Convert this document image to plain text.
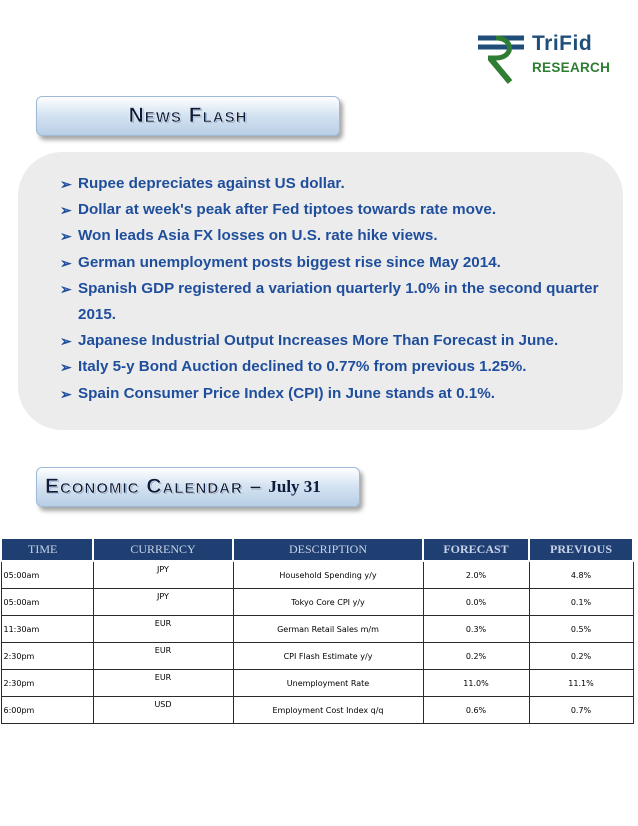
TriFid
RESEARCH
News Flash
➢ Rupee depreciates against US dollar.
➢ Dollar at week's peak after Fed tiptoes towards rate move.
➢ Won leads Asia FX losses on U.S. rate hike views.
➢ German unemployment posts biggest rise since May 2014.
➢ Spanish GDP registered a variation quarterly 1.0% in the second quarter 2015.
➢ Japanese Industrial Output Increases More Than Forecast in June.
➢ Italy 5-y Bond Auction declined to 0.77% from previous 1.25%.
➢ Spain Consumer Price Index (CPI) in June stands at 0.1%.
Economic Calendar – July 31
TIME	CURRENCY	DESCRIPTION	FORECAST	PREVIOUS
05:00am	JPY	Household Spending y/y	2.0%	4.8%
05:00am	JPY	Tokyo Core CPI y/y	0.0%	0.1%
11:30am	EUR	German Retail Sales m/m	0.3%	0.5%
2:30pm	EUR	CPI Flash Estimate y/y	0.2%	0.2%
2:30pm	EUR	Unemployment Rate	11.0%	11.1%
6:00pm	USD	Employment Cost Index q/q	0.6%	0.7%
